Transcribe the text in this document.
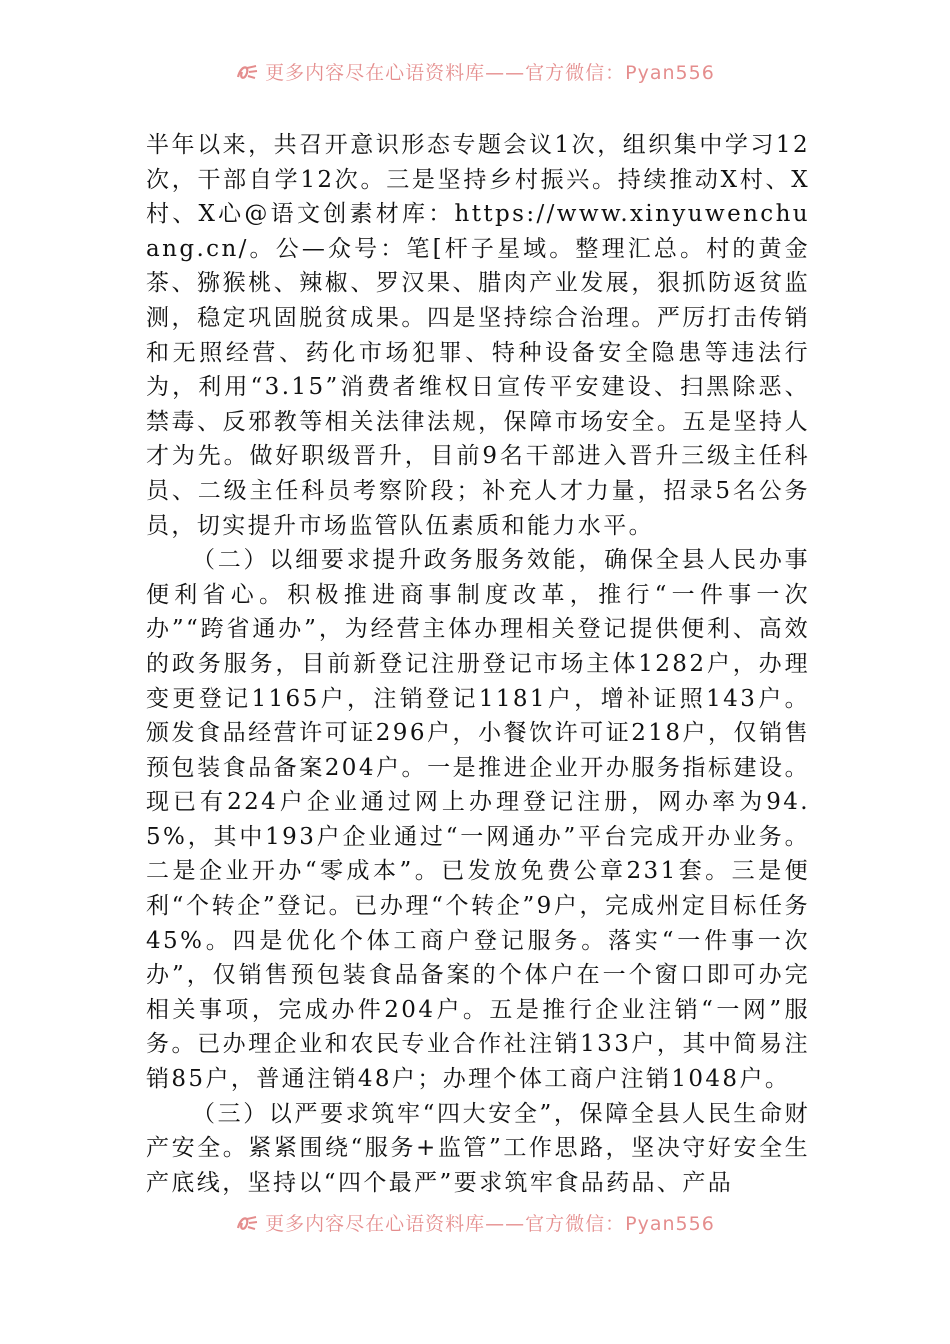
更多内容尽在心语资料库——官方微信：Pyan556

半年以来，共召开意识形态专题会议1次，组织集中学习12次，干部自学12次。三是坚持乡村振兴。持续推动X村、X村、X心@语文创素材库：https://www.xinyuwenchuang.cn/。公—众号：笔[杆子星域。整理汇总。村的黄金茶、猕猴桃、辣椒、罗汉果、腊肉产业发展，狠抓防返贫监测，稳定巩固脱贫成果。四是坚持综合治理。严厉打击传销和无照经营、药化市场犯罪、特种设备安全隐患等违法行为，利用“3.15”消费者维权日宣传平安建设、扫黑除恶、禁毒、反邪教等相关法律法规，保障市场安全。五是坚持人才为先。做好职级晋升，目前9名干部进入晋升三级主任科员、二级主任科员考察阶段；补充人才力量，招录5名公务员，切实提升市场监管队伍素质和能力水平。

（二）以细要求提升政务服务效能，确保全县人民办事便利省心。积极推进商事制度改革，推行“一件事一次办”“跨省通办”，为经营主体办理相关登记提供便利、高效的政务服务，目前新登记注册登记市场主体1282户，办理变更登记1165户，注销登记1181户，增补证照143户。颁发食品经营许可证296户，小餐饮许可证218户，仅销售预包装食品备案204户。一是推进企业开办服务指标建设。现已有224户企业通过网上办理登记注册，网办率为94.5%，其中193户企业通过“一网通办”平台完成开办业务。二是企业开办“零成本”。已发放免费公章231套。三是便利“个转企”登记。已办理“个转企”9户，完成州定目标任务45%。四是优化个体工商户登记服务。落实“一件事一次办”，仅销售预包装食品备案的个体户在一个窗口即可办完相关事项，完成办件204户。五是推行企业注销“一网”服务。已办理企业和农民专业合作社注销133户，其中简易注销85户，普通注销48户；办理个体工商户注销1048户。

（三）以严要求筑牢“四大安全”，保障全县人民生命财产安全。紧紧围绕“服务+监管”工作思路，坚决守好安全生产底线，坚持以“四个最严”要求筑牢食品药品、产品

更多内容尽在心语资料库——官方微信：Pyan556
